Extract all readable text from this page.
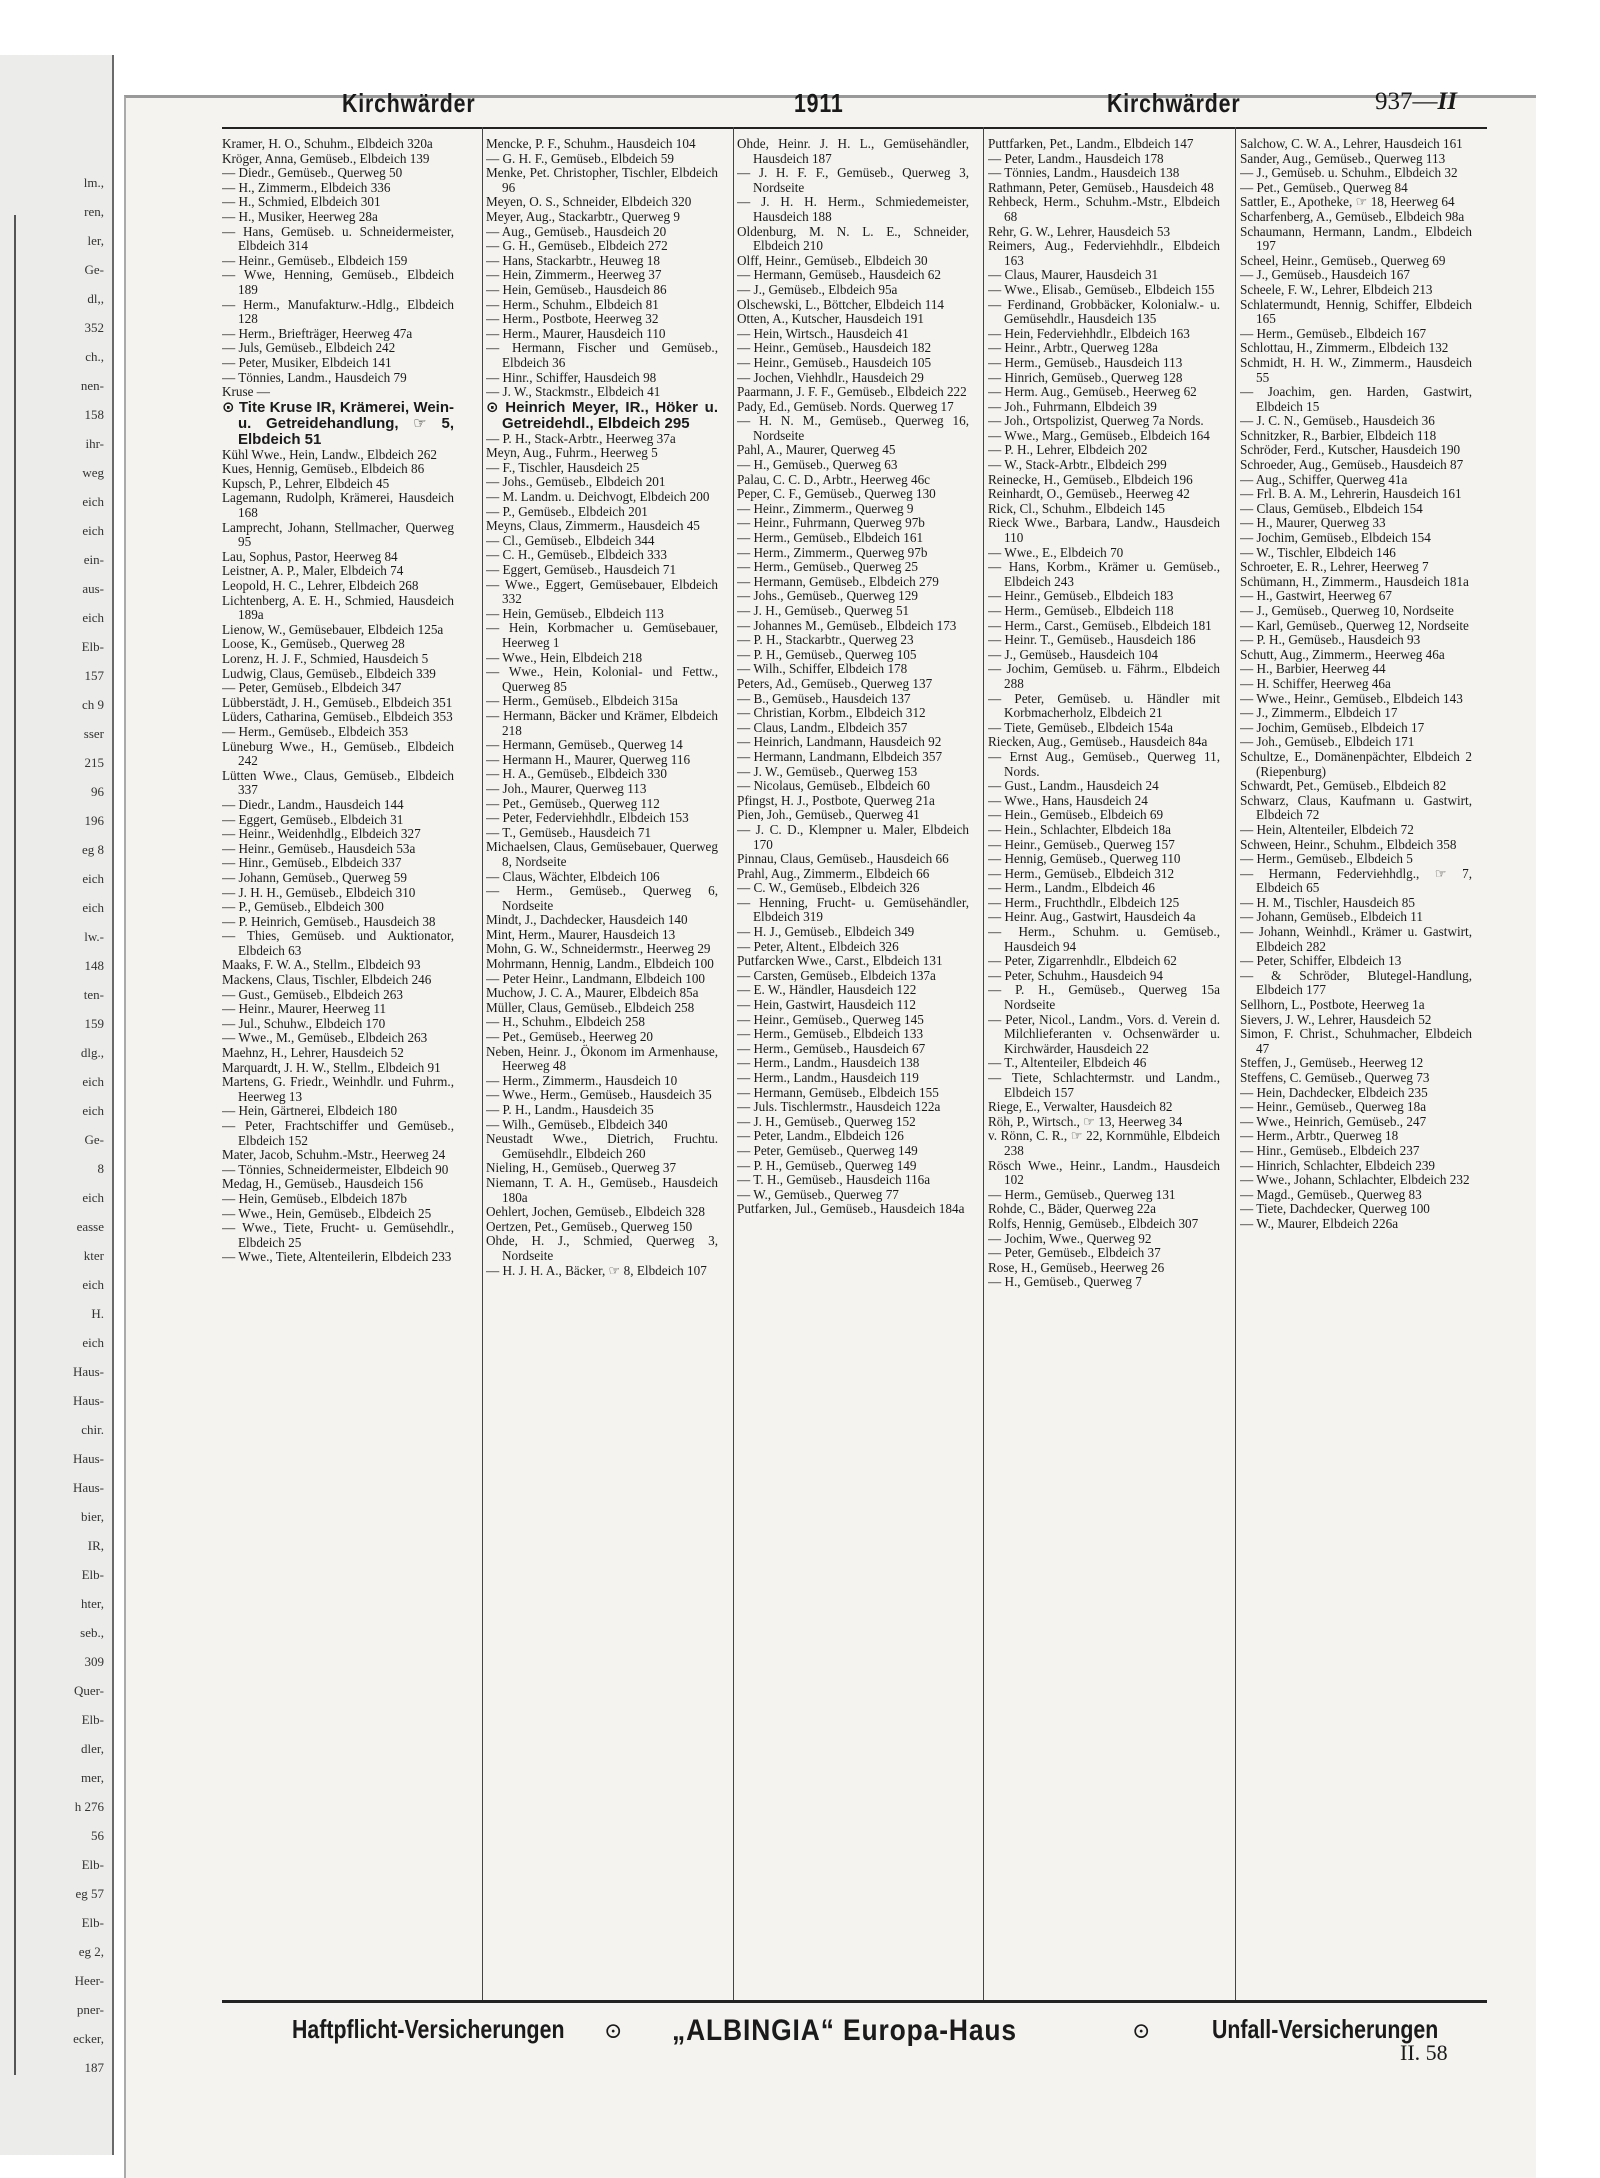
lm.,
ren,
ler,
Ge-
dl,,
352
ch.,
nen-
158
ihr-
weg
eich
eich
ein-
aus-
eich
Elb-
157
ch 9
sser
215
96
196
eg 8
eich
eich
lw.-
148
ten-
159
dlg.,
eich
eich
Ge-
8
eich
easse
kter
eich
H.
eich
Haus-
Haus-
chir.
Haus-
Haus-
bier,
IR,
Elb-
hter,
seb.,
309
Quer-
Elb-
dler,
mer,
h 276
56
Elb-
eg 57
Elb-
eg 2,
Heer-
pner-
ecker,
187
Kirchwärder	1911	Kirchwärder	937—II
Kramer, H. O., Schuhm., Elbdeich 320a
Kröger, Anna, Gemüseb., Elbdeich 139
— Diedr., Gemüseb., Querweg 50
— H., Zimmerm., Elbdeich 336
— H., Schmied, Elbdeich 301
— H., Musiker, Heerweg 28a
— Hans, Gemüseb. u. Schneidermeister, Elbdeich 314
— Heinr., Gemüseb., Elbdeich 159
— Wwe, Henning, Gemüseb., Elbdeich 189
— Herm., Manufakturw.-Hdlg., Elbdeich 128
— Herm., Briefträger, Heerweg 47a
— Juls, Gemüseb., Elbdeich 242
— Peter, Musiker, Elbdeich 141
— Tönnies, Landm., Hausdeich 79
Kruse —
⊙ Tite Kruse IR, Krämerei, Wein- u. Getreidehandlung, ☞ 5, Elbdeich 51
Kühl Wwe., Hein, Landw., Elbdeich 262
Kues, Hennig, Gemüseb., Elbdeich 86
Kupsch, P., Lehrer, Elbdeich 45
Lagemann, Rudolph, Krämerei, Hausdeich 168
Lamprecht, Johann, Stellmacher, Querweg 95
Lau, Sophus, Pastor, Heerweg 84
Leistner, A. P., Maler, Elbdeich 74
Leopold, H. C., Lehrer, Elbdeich 268
Lichtenberg, A. E. H., Schmied, Hausdeich 189a
Lienow, W., Gemüsebauer, Elbdeich 125a
Loose, K., Gemüseb., Querweg 28
Lorenz, H. J. F., Schmied, Hausdeich 5
Ludwig, Claus, Gemüseb., Elbdeich 339
— Peter, Gemüseb., Elbdeich 347
Lübberstädt, J. H., Gemüseb., Elbdeich 351
Lüders, Catharina, Gemüseb., Elbdeich 353
— Herm., Gemüseb., Elbdeich 353
Lüneburg Wwe., H., Gemüseb., Elbdeich 242
Lütten Wwe., Claus, Gemüseb., Elbdeich 337
— Diedr., Landm., Hausdeich 144
— Eggert, Gemüseb., Elbdeich 31
— Heinr., Weidenhdlg., Elbdeich 327
— Heinr., Gemüseb., Hausdeich 53a
— Hinr., Gemüseb., Elbdeich 337
— Johann, Gemüseb., Querweg 59
— J. H. H., Gemüseb., Elbdeich 310
— P., Gemüseb., Elbdeich 300
— P. Heinrich, Gemüseb., Hausdeich 38
— Thies, Gemüseb. und Auktionator, Elbdeich 63
Maaks, F. W. A., Stellm., Elbdeich 93
Mackens, Claus, Tischler, Elbdeich 246
— Gust., Gemüseb., Elbdeich 263
— Heinr., Maurer, Heerweg 11
— Jul., Schuhw., Elbdeich 170
— Wwe., M., Gemüseb., Elbdeich 263
Maehnz, H., Lehrer, Hausdeich 52
Marquardt, J. H. W., Stellm., Elbdeich 91
Martens, G. Friedr., Weinhdlr. und Fuhrm., Heerweg 13
— Hein, Gärtnerei, Elbdeich 180
— Peter, Frachtschiffer und Gemüseb., Elbdeich 152
Mater, Jacob, Schuhm.-Mstr., Heerweg 24
— Tönnies, Schneidermeister, Elbdeich 90
Medag, H., Gemüseb., Hausdeich 156
— Hein, Gemüseb., Elbdeich 187b
— Wwe., Hein, Gemüseb., Elbdeich 25
— Wwe., Tiete, Frucht- u. Gemüsehdlr., Elbdeich 25
— Wwe., Tiete, Altenteilerin, Elbdeich 233
Mencke, P. F., Schuhm., Hausdeich 104
— G. H. F., Gemüseb., Elbdeich 59
Menke, Pet. Christopher, Tischler, Elbdeich 96
Meyen, O. S., Schneider, Elbdeich 320
Meyer, Aug., Stackarbtr., Querweg 9
— Aug., Gemüseb., Hausdeich 20
— G. H., Gemüseb., Elbdeich 272
— Hans, Stackarbtr., Heuweg 18
— Hein, Zimmerm., Heerweg 37
— Hein, Gemüseb., Hausdeich 86
— Herm., Schuhm., Elbdeich 81
— Herm., Postbote, Heerweg 32
— Herm., Maurer, Hausdeich 110
— Hermann, Fischer und Gemüseb., Elbdeich 36
— Hinr., Schiffer, Hausdeich 98
— J. W., Stackmstr., Elbdeich 41
⊙ Heinrich Meyer, IR., Höker u. Getreidehdl., Elbdeich 295
— P. H., Stack-Arbtr., Heerweg 37a
Meyn, Aug., Fuhrm., Heerweg 5
— F., Tischler, Hausdeich 25
— Johs., Gemüseb., Elbdeich 201
— M. Landm. u. Deichvogt, Elbdeich 200
— P., Gemüseb., Elbdeich 201
Meyns, Claus, Zimmerm., Hausdeich 45
— Cl., Gemüseb., Elbdeich 344
— C. H., Gemüseb., Elbdeich 333
— Eggert, Gemüseb., Hausdeich 71
— Wwe., Eggert, Gemüsebauer, Elbdeich 332
— Hein, Gemüseb., Elbdeich 113
— Hein, Korbmacher u. Gemüsebauer, Heerweg 1
— Wwe., Hein, Elbdeich 218
— Wwe., Hein, Kolonial- und Fettw., Querweg 85
— Herm., Gemüseb., Elbdeich 315a
— Hermann, Bäcker und Krämer, Elbdeich 218
— Hermann, Gemüseb., Querweg 14
— Hermann H., Maurer, Querweg 116
— H. A., Gemüseb., Elbdeich 330
— Joh., Maurer, Querweg 113
— Pet., Gemüseb., Querweg 112
— Peter, Federviehhdlr., Elbdeich 153
— T., Gemüseb., Hausdeich 71
Michaelsen, Claus, Gemüsebauer, Querweg 8, Nordseite
— Claus, Wächter, Elbdeich 106
— Herm., Gemüseb., Querweg 6, Nordseite
Mindt, J., Dachdecker, Hausdeich 140
Mint, Herm., Maurer, Hausdeich 13
Mohn, G. W., Schneidermstr., Heerweg 29
Mohrmann, Hennig, Landm., Elbdeich 100
— Peter Heinr., Landmann, Elbdeich 100
Muchow, J. C. A., Maurer, Elbdeich 85a
Müller, Claus, Gemüseb., Elbdeich 258
— H., Schuhm., Elbdeich 258
— Pet., Gemüseb., Heerweg 20
Neben, Heinr. J., Ökonom im Armenhause, Heerweg 48
— Herm., Zimmerm., Hausdeich 10
— Wwe., Herm., Gemüseb., Hausdeich 35
— P. H., Landm., Hausdeich 35
— Wilh., Gemüseb., Elbdeich 340
Neustadt Wwe., Dietrich, Fruchtu. Gemüsehdlr., Elbdeich 260
Nieling, H., Gemüseb., Querweg 37
Niemann, T. A. H., Gemüseb., Hausdeich 180a
Oehlert, Jochen, Gemüseb., Elbdeich 328
Oertzen, Pet., Gemüseb., Querweg 150
Ohde, H. J., Schmied, Querweg 3, Nordseite
— H. J. H. A., Bäcker, ☞ 8, Elbdeich 107
Ohde, Heinr. J. H. L., Gemüsehändler, Hausdeich 187
— J. H. F. F., Gemüseb., Querweg 3, Nordseite
— J. H. H. Herm., Schmiedemeister, Hausdeich 188
Oldenburg, M. N. L. E., Schneider, Elbdeich 210
Olff, Heinr., Gemüseb., Elbdeich 30
— Hermann, Gemüseb., Hausdeich 62
— J., Gemüseb., Elbdeich 95a
Olschewski, L., Böttcher, Elbdeich 114
Otten, A., Kutscher, Hausdeich 191
— Hein, Wirtsch., Hausdeich 41
— Heinr., Gemüseb., Hausdeich 182
— Heinr., Gemüseb., Hausdeich 105
— Jochen, Viehhdlr., Hausdeich 29
Paarmann, J. F. F., Gemüseb., Elbdeich 222
Pady, Ed., Gemüseb. Nords. Querweg 17
— H. N. M., Gemüseb., Querweg 16, Nordseite
Pahl, A., Maurer, Querweg 45
— H., Gemüseb., Querweg 63
Palau, C. C. D., Arbtr., Heerweg 46c
Peper, C. F., Gemüseb., Querweg 130
— Heinr., Zimmerm., Querweg 9
— Heinr., Fuhrmann, Querweg 97b
— Herm., Gemüseb., Elbdeich 161
— Herm., Zimmerm., Querweg 97b
— Herm., Gemüseb., Querweg 25
— Hermann, Gemüseb., Elbdeich 279
— Johs., Gemüseb., Querweg 129
— J. H., Gemüseb., Querweg 51
— Johannes M., Gemüseb., Elbdeich 173
— P. H., Stackarbtr., Querweg 23
— P. H., Gemüseb., Querweg 105
— Wilh., Schiffer, Elbdeich 178
Peters, Ad., Gemüseb., Querweg 137
— B., Gemüseb., Hausdeich 137
— Christian, Korbm., Elbdeich 312
— Claus, Landm., Elbdeich 357
— Heinrich, Landmann, Hausdeich 92
— Hermann, Landmann, Elbdeich 357
— J. W., Gemüseb., Querweg 153
— Nicolaus, Gemüseb., Elbdeich 60
Pfingst, H. J., Postbote, Querweg 21a
Pien, Joh., Gemüseb., Querweg 41
— J. C. D., Klempner u. Maler, Elbdeich 170
Pinnau, Claus, Gemüseb., Hausdeich 66
Prahl, Aug., Zimmerm., Elbdeich 66
— C. W., Gemüseb., Elbdeich 326
— Henning, Frucht- u. Gemüsehändler, Elbdeich 319
— H. J., Gemüseb., Elbdeich 349
— Peter, Altent., Elbdeich 326
Putfarcken Wwe., Carst., Elbdeich 131
— Carsten, Gemüseb., Elbdeich 137a
— E. W., Händler, Hausdeich 122
— Hein, Gastwirt, Hausdeich 112
— Heinr., Gemüseb., Querweg 145
— Herm., Gemüseb., Elbdeich 133
— Herm., Gemüseb., Hausdeich 67
— Herm., Landm., Hausdeich 138
— Herm., Landm., Hausdeich 119
— Hermann, Gemüseb., Elbdeich 155
— Juls. Tischlermstr., Hausdeich 122a
— J. H., Gemüseb., Querweg 152
— Peter, Landm., Elbdeich 126
— Peter, Gemüseb., Querweg 149
— P. H., Gemüseb., Querweg 149
— T. H., Gemüseb., Hausdeich 116a
— W., Gemüseb., Querweg 77
Putfarken, Jul., Gemüseb., Hausdeich 184a
Puttfarken, Pet., Landm., Elbdeich 147
— Peter, Landm., Hausdeich 178
— Tönnies, Landm., Hausdeich 138
Rathmann, Peter, Gemüseb., Hausdeich 48
Rehbeck, Herm., Schuhm.-Mstr., Elbdeich 68
Rehr, G. W., Lehrer, Hausdeich 53
Reimers, Aug., Federviehhdlr., Elbdeich 163
— Claus, Maurer, Hausdeich 31
— Wwe., Elisab., Gemüseb., Elbdeich 155
— Ferdinand, Grobbäcker, Kolonialw.- u. Gemüsehdlr., Hausdeich 135
— Hein, Federviehhdlr., Elbdeich 163
— Heinr., Arbtr., Querweg 128a
— Herm., Gemüseb., Hausdeich 113
— Hinrich, Gemüseb., Querweg 128
— Herm. Aug., Gemüseb., Heerweg 62
— Joh., Fuhrmann, Elbdeich 39
— Joh., Ortspolizist, Querweg 7a Nords.
— Wwe., Marg., Gemüseb., Elbdeich 164
— P. H., Lehrer, Elbdeich 202
— W., Stack-Arbtr., Elbdeich 299
Reinecke, H., Gemüseb., Elbdeich 196
Reinhardt, O., Gemüseb., Heerweg 42
Rick, Cl., Schuhm., Elbdeich 145
Rieck Wwe., Barbara, Landw., Hausdeich 110
— Wwe., E., Elbdeich 70
— Hans, Korbm., Krämer u. Gemüseb., Elbdeich 243
— Heinr., Gemüseb., Elbdeich 183
— Herm., Gemüseb., Elbdeich 118
— Herm., Carst., Gemüseb., Elbdeich 181
— Heinr. T., Gemüseb., Hausdeich 186
— J., Gemüseb., Hausdeich 104
— Jochim, Gemüseb. u. Fährm., Elbdeich 288
— Peter, Gemüseb. u. Händler mit Korbmacherholz, Elbdeich 21
— Tiete, Gemüseb., Elbdeich 154a
Riecken, Aug., Gemüseb., Hausdeich 84a
— Ernst Aug., Gemüseb., Querweg 11, Nords.
— Gust., Landm., Hausdeich 24
— Wwe., Hans, Hausdeich 24
— Hein., Gemüseb., Elbdeich 69
— Hein., Schlachter, Elbdeich 18a
— Heinr., Gemüseb., Querweg 157
— Hennig, Gemüseb., Querweg 110
— Herm., Gemüseb., Elbdeich 312
— Herm., Landm., Elbdeich 46
— Herm., Fruchthdlr., Elbdeich 125
— Heinr. Aug., Gastwirt, Hausdeich 4a
— Herm., Schuhm. u. Gemüseb., Hausdeich 94
— Peter, Zigarrenhdlr., Elbdeich 62
— Peter, Schuhm., Hausdeich 94
— P. H., Gemüseb., Querweg 15a Nordseite
— Peter, Nicol., Landm., Vors. d. Verein d. Milchlieferanten v. Ochsenwärder u. Kirchwärder, Hausdeich 22
— T., Altenteiler, Elbdeich 46
— Tiete, Schlachtermstr. und Landm., Elbdeich 157
Riege, E., Verwalter, Hausdeich 82
Röh, P., Wirtsch., ☞ 13, Heerweg 34
v. Rönn, C. R., ☞ 22, Kornmühle, Elbdeich 238
Rösch Wwe., Heinr., Landm., Hausdeich 102
— Herm., Gemüseb., Querweg 131
Rohde, C., Bäder, Querweg 22a
Rolfs, Hennig, Gemüseb., Elbdeich 307
— Jochim, Wwe., Querweg 92
— Peter, Gemüseb., Elbdeich 37
Rose, H., Gemüseb., Heerweg 26
— H., Gemüseb., Querweg 7
Salchow, C. W. A., Lehrer, Hausdeich 161
Sander, Aug., Gemüseb., Querweg 113
— J., Gemüseb. u. Schuhm., Elbdeich 32
— Pet., Gemüseb., Querweg 84
Sattler, E., Apotheke, ☞ 18, Heerweg 64
Scharfenberg, A., Gemüseb., Elbdeich 98a
Schaumann, Hermann, Landm., Elbdeich 197
Scheel, Heinr., Gemüseb., Querweg 69
— J., Gemüseb., Hausdeich 167
Scheele, F. W., Lehrer, Elbdeich 213
Schlatermundt, Hennig, Schiffer, Elbdeich 165
— Herm., Gemüseb., Elbdeich 167
Schlottau, H., Zimmerm., Elbdeich 132
Schmidt, H. H. W., Zimmerm., Hausdeich 55
— Joachim, gen. Harden, Gastwirt, Elbdeich 15
— J. C. N., Gemüseb., Hausdeich 36
Schnitzker, R., Barbier, Elbdeich 118
Schröder, Ferd., Kutscher, Hausdeich 190
Schroeder, Aug., Gemüseb., Hausdeich 87
— Aug., Schiffer, Querweg 41a
— Frl. B. A. M., Lehrerin, Hausdeich 161
— Claus, Gemüseb., Elbdeich 154
— H., Maurer, Querweg 33
— Jochim, Gemüseb., Elbdeich 154
— W., Tischler, Elbdeich 146
Schroeter, E. R., Lehrer, Heerweg 7
Schümann, H., Zimmerm., Hausdeich 181a
— H., Gastwirt, Heerweg 67
— J., Gemüseb., Querweg 10, Nordseite
— Karl, Gemüseb., Querweg 12, Nordseite
— P. H., Gemüseb., Hausdeich 93
Schutt, Aug., Zimmerm., Heerweg 46a
— H., Barbier, Heerweg 44
— H. Schiffer, Heerweg 46a
— Wwe., Heinr., Gemüseb., Elbdeich 143
— J., Zimmerm., Elbdeich 17
— Jochim, Gemüseb., Elbdeich 17
— Joh., Gemüseb., Elbdeich 171
Schultze, E., Domänenpächter, Elbdeich 2 (Riepenburg)
Schwardt, Pet., Gemüseb., Elbdeich 82
Schwarz, Claus, Kaufmann u. Gastwirt, Elbdeich 72
— Hein, Altenteiler, Elbdeich 72
Schween, Heinr., Schuhm., Elbdeich 358
— Herm., Gemüseb., Elbdeich 5
— Hermann, Federviehhdlg., ☞ 7, Elbdeich 65
— H. M., Tischler, Hausdeich 85
— Johann, Gemüseb., Elbdeich 11
— Johann, Weinhdl., Krämer u. Gastwirt, Elbdeich 282
— Peter, Schiffer, Elbdeich 13
— & Schröder, Blutegel-Handlung, Elbdeich 177
Sellhorn, L., Postbote, Heerweg 1a
Sievers, J. W., Lehrer, Hausdeich 52
Simon, F. Christ., Schuhmacher, Elbdeich 47
Steffen, J., Gemüseb., Heerweg 12
Steffens, C. Gemüseb., Querweg 73
— Hein, Dachdecker, Elbdeich 235
— Heinr., Gemüseb., Querweg 18a
— Wwe., Heinrich, Gemüseb., 247
— Herm., Arbtr., Querweg 18
— Hinr., Gemüseb., Elbdeich 237
— Hinrich, Schlachter, Elbdeich 239
— Wwe., Johann, Schlachter, Elbdeich 232
— Magd., Gemüseb., Querweg 83
— Tiete, Dachdecker, Querweg 100
— W., Maurer, Elbdeich 226a
Haftpflicht-Versicherungen ⊙ „ALBINGIA“ Europa-Haus	⊙ Unfall-Versicherungen
II. 58
